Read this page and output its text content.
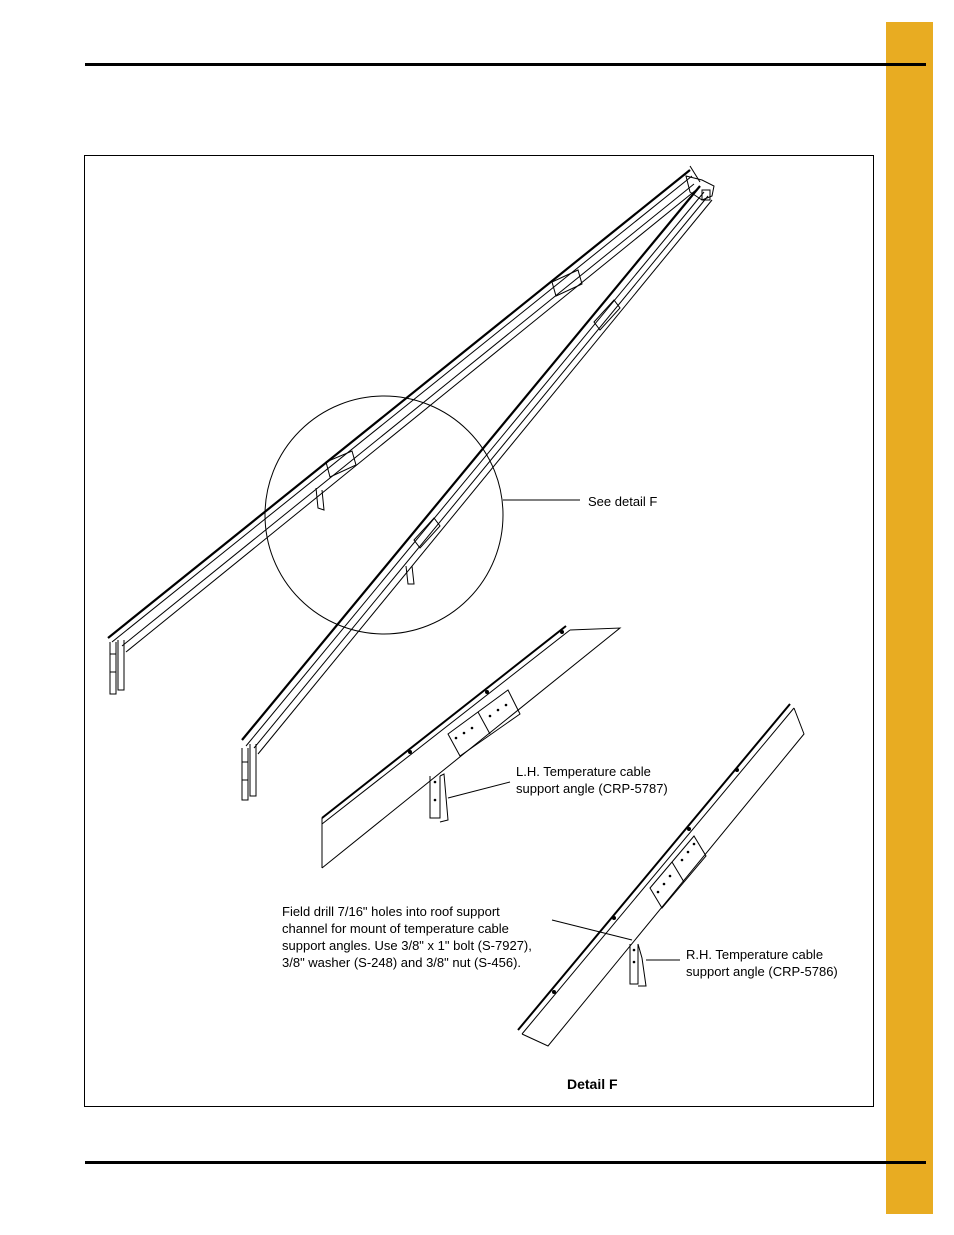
See detail F
L.H. Temperature cable
support angle (CRP-5787)
Field drill 7/16" holes into roof support
channel for mount of temperature cable
support angles. Use 3/8" x 1" bolt (S-7927),
3/8" washer (S-248) and 3/8" nut (S-456).
R.H. Temperature cable
support angle (CRP-5786)
Detail F
